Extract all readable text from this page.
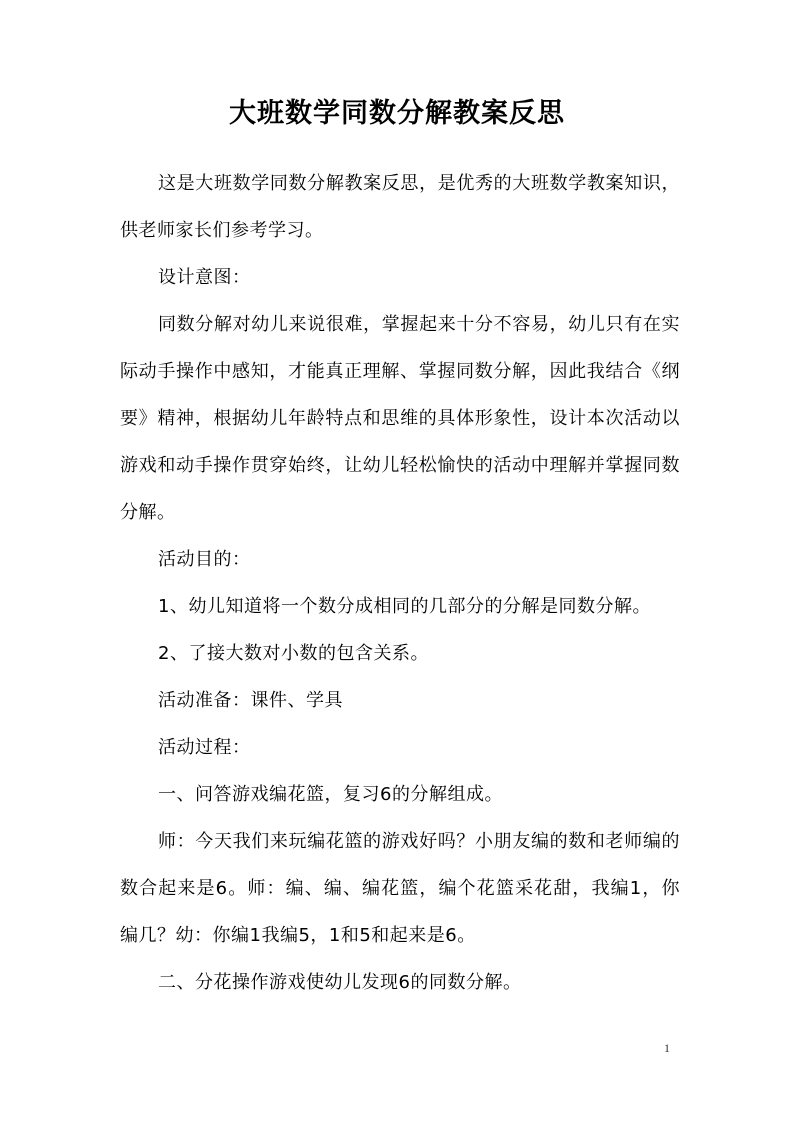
大班数学同数分解教案反思

这是大班数学同数分解教案反思，是优秀的大班数学教案知识，供老师家长们参考学习。

设计意图：

同数分解对幼儿来说很难，掌握起来十分不容易，幼儿只有在实际动手操作中感知，才能真正理解、掌握同数分解，因此我结合《纲要》精神，根据幼儿年龄特点和思维的具体形象性，设计本次活动以游戏和动手操作贯穿始终，让幼儿轻松愉快的活动中理解并掌握同数分解。

活动目的：

1、幼儿知道将一个数分成相同的几部分的分解是同数分解。

2、了接大数对小数的包含关系。

活动准备：课件、学具

活动过程：

一、问答游戏编花篮，复习6的分解组成。

师：今天我们来玩编花篮的游戏好吗？小朋友编的数和老师编的数合起来是6。师：编、编、编花篮，编个花篮采花甜，我编1，你编几？幼：你编1我编5，1和5和起来是6。

二、分花操作游戏使幼儿发现6的同数分解。

1
